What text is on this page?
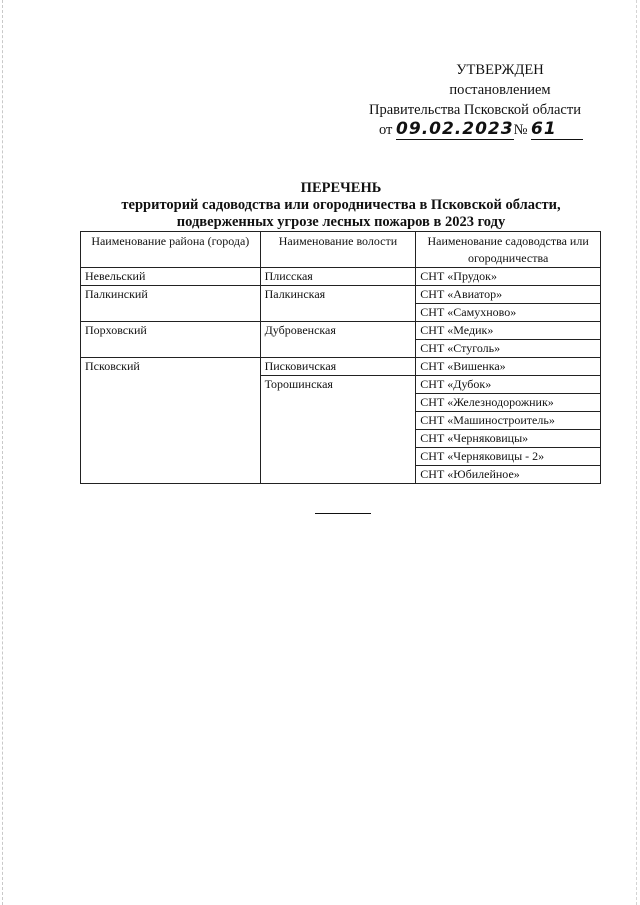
УТВЕРЖДЕН
постановлением
Правительства Псковской области
от 09.02.2023№ 61
ПЕРЕЧЕНЬ
территорий садоводства или огородничества в Псковской области,
подверженных угрозе лесных пожаров в 2023 году
Наименование района (города)	Наименование волости	Наименование садоводства или огородничества
Невельский	Плисская	СНТ «Прудок»
Палкинский	Палкинская	СНТ «Авиатор»
		СНТ «Самухново»
Порховский	Дубровенская	СНТ «Медик»
		СНТ «Стуголь»
Псковский	Писковичская	СНТ «Вишенка»
	Торошинская	СНТ «Дубок»
		СНТ «Железнодорожник»
		СНТ «Машиностроитель»
		СНТ «Черняковицы»
		СНТ «Черняковицы - 2»
		СНТ «Юбилейное»
